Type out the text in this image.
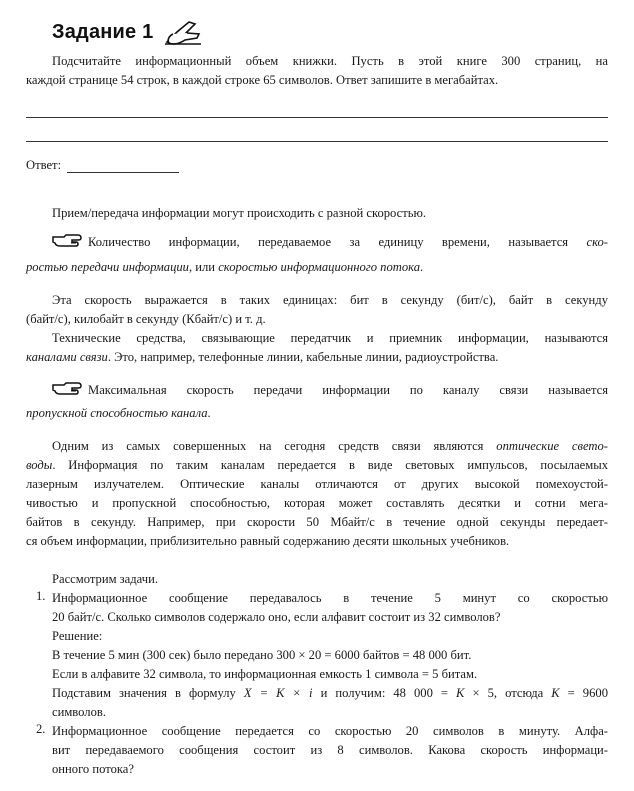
Задание 1
Подсчитайте информационный объем книжки. Пусть в этой книге 300 страниц, на
каждой странице 54 строк, в каждой строке 65 символов. Ответ запишите в мегабайтах.
Ответ:
Прием/передача информации могут происходить с разной скоростью.
Количество информации, передаваемое за единицу времени, называется ско-
ростью передачи информации, или скоростью информационного потока.
Эта скорость выражается в таких единицах: бит в секунду (бит/с), байт в секунду
(байт/с), килобайт в секунду (Кбайт/с) и т. д.
Технические средства, связывающие передатчик и приемник информации, называются
каналами связи. Это, например, телефонные линии, кабельные линии, радиоустройства.
Максимальная скорость передачи информации по каналу связи называется
пропускной способностью канала.
Одним из самых совершенных на сегодня средств связи являются оптические свето-
воды. Информация по таким каналам передается в виде световых импульсов, посылаемых
лазерным излучателем. Оптические каналы отличаются от других высокой помехоустой-
чивостью и пропускной способностью, которая может составлять десятки и сотни мега-
байтов в секунду. Например, при скорости 50 Мбайт/с в течение одной секунды передает-
ся объем информации, приблизительно равный содержанию десяти школьных учебников.
Рассмотрим задачи.
1. Информационное сообщение передавалось в течение 5 минут со скоростью
20 байт/с. Сколько символов содержало оно, если алфавит состоит из 32 символов?
Решение:
В течение 5 мин (300 сек) было передано 300 × 20 = 6000 байтов = 48 000 бит.
Если в алфавите 32 символа, то информационная емкость 1 символа = 5 битам.
Подставим значения в формулу X = K × i и получим: 48 000 = K × 5, отсюда K = 9600
символов.
2. Информационное сообщение передается со скоростью 20 символов в минуту. Алфа-
вит передаваемого сообщения состоит из 8 символов. Какова скорость информаци-
онного потока?
